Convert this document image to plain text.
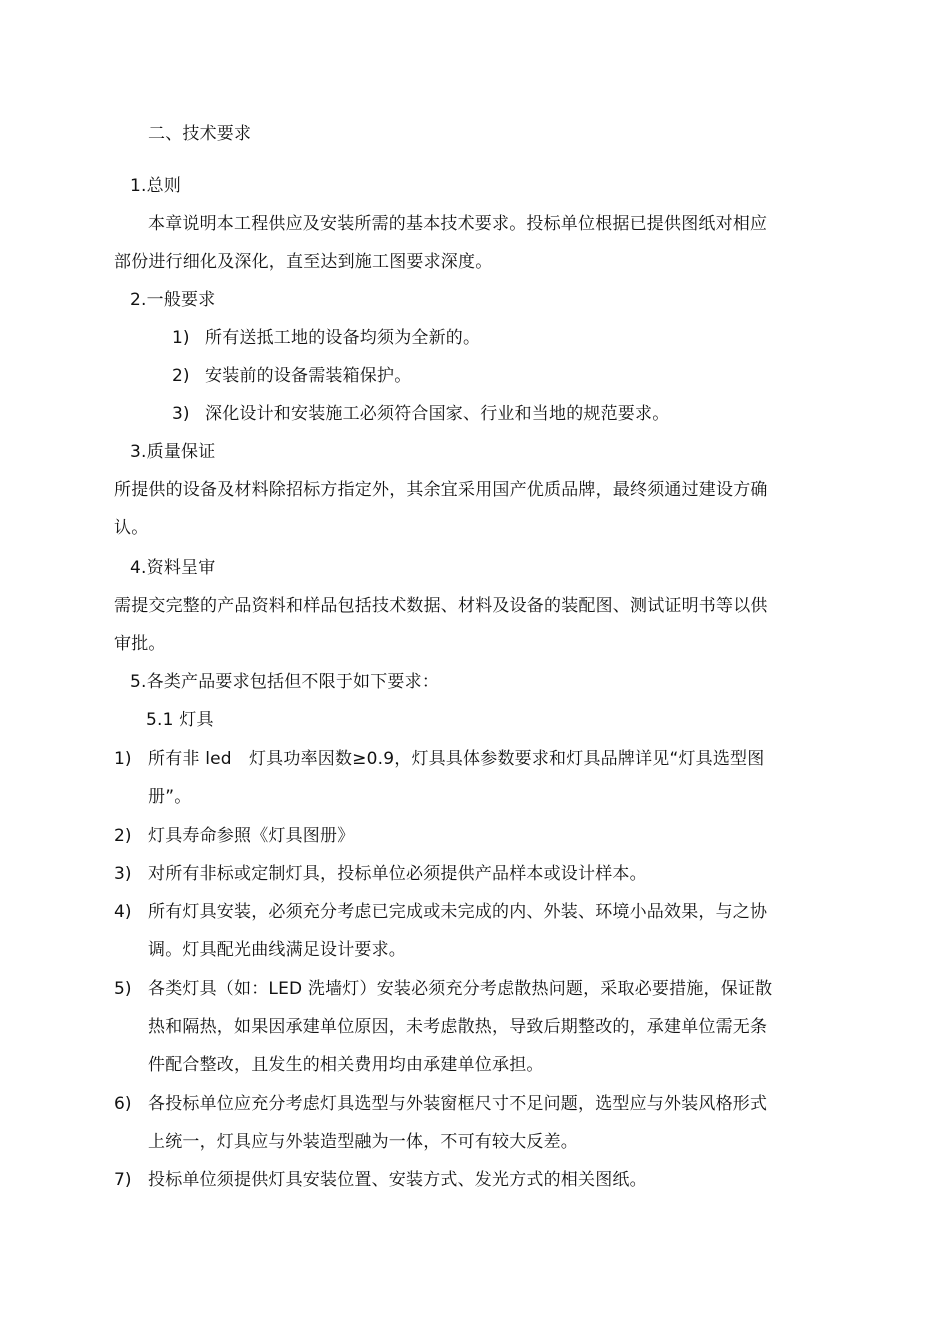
二、技术要求
1.总则
本章说明本工程供应及安装所需的基本技术要求。投标单位根据已提供图纸对相应
部份进行细化及深化，直至达到施工图要求深度。
2.一般要求
1) 所有送抵工地的设备均须为全新的。
2) 安装前的设备需装箱保护。
3) 深化设计和安装施工必须符合国家、行业和当地的规范要求。
3.质量保证
所提供的设备及材料除招标方指定外，其余宜采用国产优质品牌，最终须通过建设方确
认。
4.资料呈审
需提交完整的产品资料和样品包括技术数据、材料及设备的装配图、测试证明书等以供
审批。
5.各类产品要求包括但不限于如下要求：
5.1 灯具
1) 所有非 led　灯具功率因数≥0.9，灯具具体参数要求和灯具品牌详见“灯具选型图
册”。
2) 灯具寿命参照《灯具图册》
3) 对所有非标或定制灯具，投标单位必须提供产品样本或设计样本。
4) 所有灯具安装，必须充分考虑已完成或未完成的内、外装、环境小品效果，与之协
调。灯具配光曲线满足设计要求。
5) 各类灯具（如：LED 洗墙灯）安装必须充分考虑散热问题，采取必要措施，保证散
热和隔热，如果因承建单位原因，未考虑散热，导致后期整改的，承建单位需无条
件配合整改，且发生的相关费用均由承建单位承担。
6) 各投标单位应充分考虑灯具选型与外装窗框尺寸不足问题，选型应与外装风格形式
上统一，灯具应与外装造型融为一体，不可有较大反差。
7) 投标单位须提供灯具安装位置、安装方式、发光方式的相关图纸。
